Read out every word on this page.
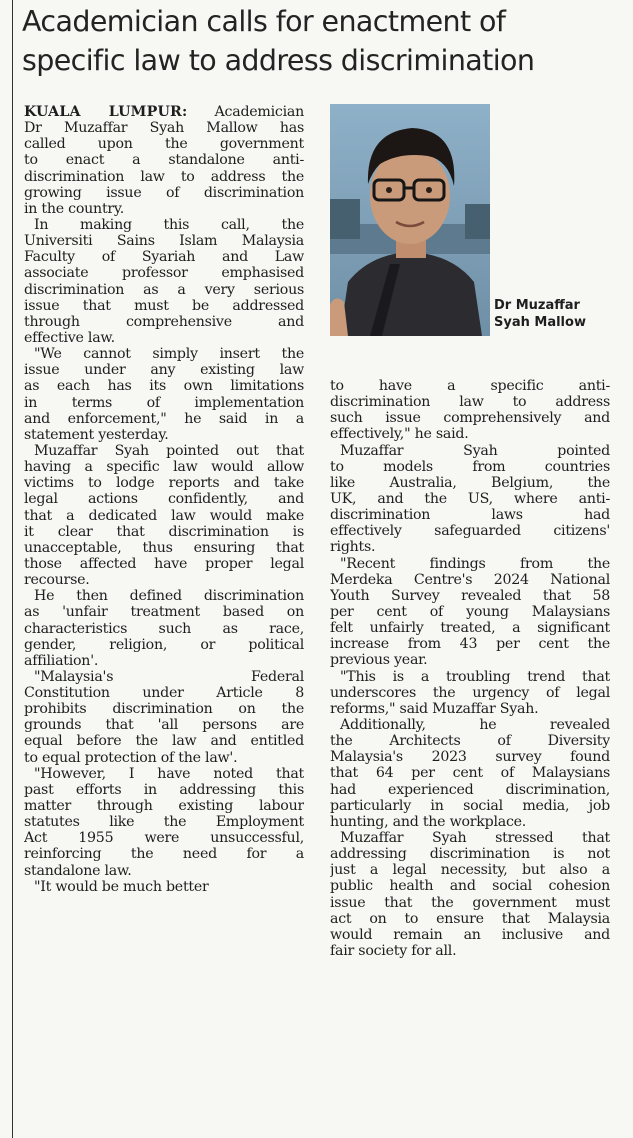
Academician calls for enactment of
specific law to address discrimination
KUALA LUMPUR: Academician
Dr Muzaffar Syah Mallow has
called upon the government
to enact a standalone anti-
discrimination law to address the
growing issue of discrimination
in the country.
In making this call, the
Universiti Sains Islam Malaysia
Faculty of Syariah and Law
associate professor emphasised
discrimination as a very serious
issue that must be addressed
through comprehensive and
effective law.
"We cannot simply insert the
issue under any existing law
as each has its own limitations
in terms of implementation
and enforcement," he said in a
statement yesterday.
Muzaffar Syah pointed out that
having a specific law would allow
victims to lodge reports and take
legal actions confidently, and
that a dedicated law would make
it clear that discrimination is
unacceptable, thus ensuring that
those affected have proper legal
recourse.
He then defined discrimination
as 'unfair treatment based on
characteristics such as race,
gender, religion, or political
affiliation'.
"Malaysia's Federal
Constitution under Article 8
prohibits discrimination on the
grounds that 'all persons are
equal before the law and entitled
to equal protection of the law'.
"However, I have noted that
past efforts in addressing this
matter through existing labour
statutes like the Employment
Act 1955 were unsuccessful,
reinforcing the need for a
standalone law.
"It would be much better
Dr Muzaffar
Syah Mallow
to have a specific anti-
discrimination law to address
such issue comprehensively and
effectively," he said.
Muzaffar Syah pointed
to models from countries
like Australia, Belgium, the
UK, and the US, where anti-
discrimination laws had
effectively safeguarded citizens'
rights.
"Recent findings from the
Merdeka Centre's 2024 National
Youth Survey revealed that 58
per cent of young Malaysians
felt unfairly treated, a significant
increase from 43 per cent the
previous year.
"This is a troubling trend that
underscores the urgency of legal
reforms," said Muzaffar Syah.
Additionally, he revealed
the Architects of Diversity
Malaysia's 2023 survey found
that 64 per cent of Malaysians
had experienced discrimination,
particularly in social media, job
hunting, and the workplace.
Muzaffar Syah stressed that
addressing discrimination is not
just a legal necessity, but also a
public health and social cohesion
issue that the government must
act on to ensure that Malaysia
would remain an inclusive and
fair society for all.
